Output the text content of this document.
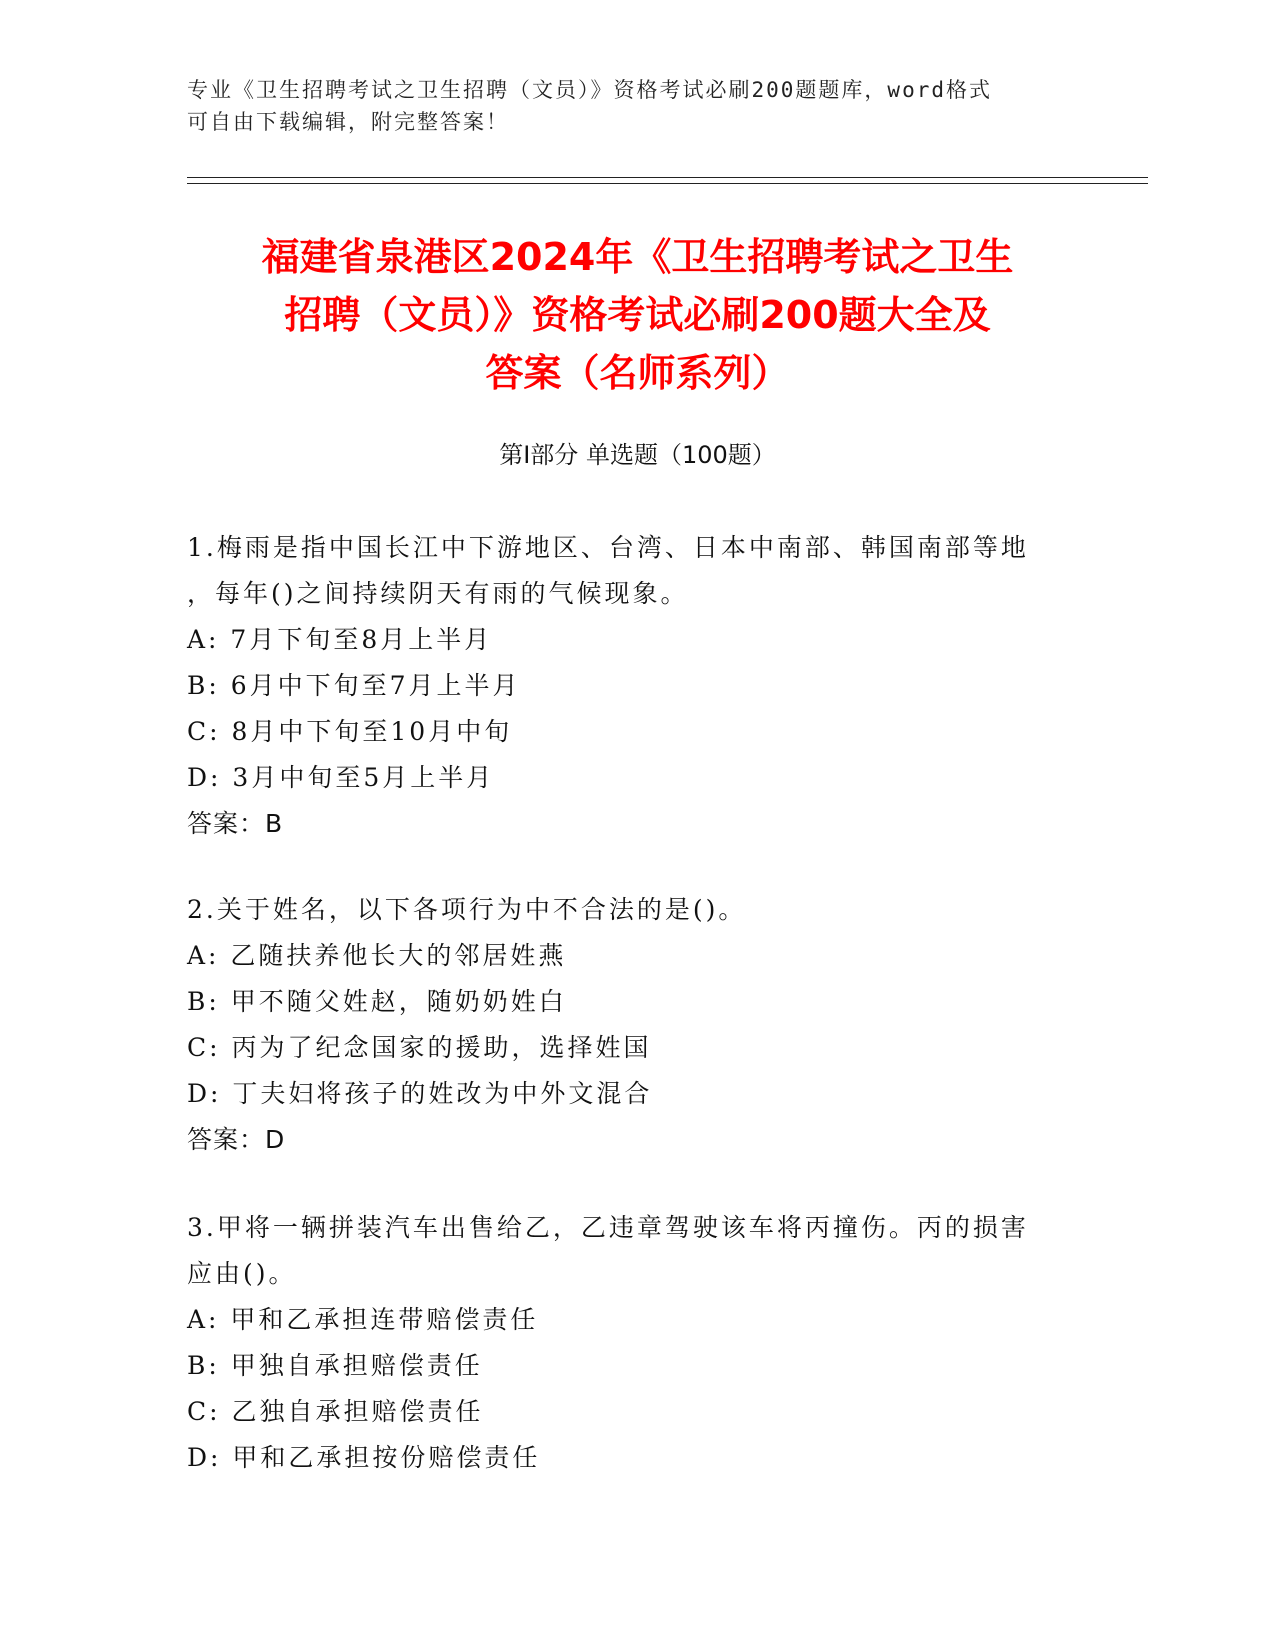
专业《卫生招聘考试之卫生招聘（文员）》资格考试必刷200题题库，word格式
可自由下载编辑，附完整答案！
福建省泉港区2024年《卫生招聘考试之卫生
招聘（文员）》资格考试必刷200题大全及
答案（名师系列）
第Ⅰ部分 单选题（100题）
1.梅雨是指中国长江中下游地区、台湾、日本中南部、韩国南部等地
，每年()之间持续阴天有雨的气候现象。
A: 7月下旬至8月上半月
B: 6月中下旬至7月上半月
C: 8月中下旬至10月中旬
D: 3月中旬至5月上半月
答案：B
2.关于姓名，以下各项行为中不合法的是()。
A: 乙随扶养他长大的邻居姓燕
B: 甲不随父姓赵，随奶奶姓白
C: 丙为了纪念国家的援助，选择姓国
D: 丁夫妇将孩子的姓改为中外文混合
答案：D
3.甲将一辆拼装汽车出售给乙，乙违章驾驶该车将丙撞伤。丙的损害
应由()。
A: 甲和乙承担连带赔偿责任
B: 甲独自承担赔偿责任
C: 乙独自承担赔偿责任
D: 甲和乙承担按份赔偿责任
